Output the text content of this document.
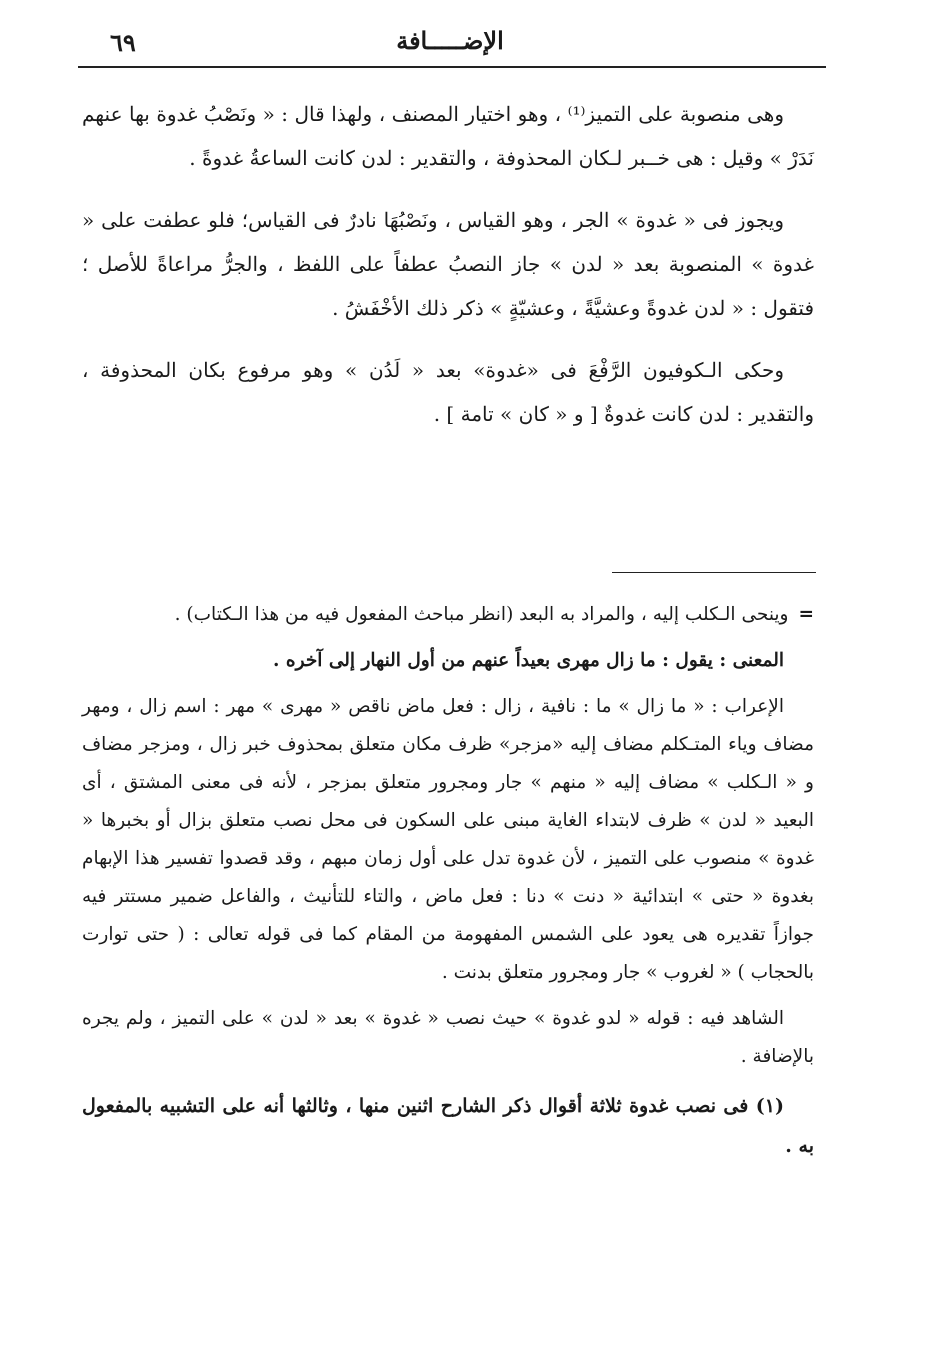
الإضـــــافة
٦٩

وهى منصوبة على التميز⁽¹⁾ ، وهو اختيار المصنف ، ولهذا قال : « ونَصْبُ غدوة بها عنهم نَدَرْ » وقيل : هى خــبر لـكان المحذوفة ، والتقدير : لدن كانت الساعةُ غدوةً .

ويجوز فى « غدوة » الجر ، وهو القياس ، ونَصْبُهَا نادرٌ فى القياس؛ فلو عطفت على « غدوة » المنصوبة بعد « لدن » جاز النصبُ عطفاً على اللفظ ، والجرُّ مراعاةً للأصل ؛ فتقول : « لدن غدوةً وعشيَّةً ، وعشيّةٍ » ذكر ذلك الأخْفَشُ .

وحكى الـكوفيون الرَّفْعَ فى «غدوة» بعد « لَدُن » وهو مرفوع بكان المحذوفة ، والتقدير : لدن كانت غدوةٌ [ و « كان » تامة ] .

=وينحى الـكلب إليه ، والمراد به البعد (انظر مباحث المفعول فيه من هذا الـكتاب) .

المعنى : يقول : ما زال مهرى بعيداً عنهم من أول النهار إلى آخره .

الإعراب : « ما زال » ما : نافية ، زال : فعل ماض ناقص « مهرى » مهر : اسم زال ، ومهر مضاف وياء المتـكلم مضاف إليه «مزجر» ظرف مكان متعلق بمحذوف خبر زال ، ومزجر مضاف و « الـكلب » مضاف إليه « منهم » جار ومجرور متعلق بمزجر ، لأنه فى معنى المشتق ، أى البعيد « لدن » ظرف لابتداء الغاية مبنى على السكون فى محل نصب متعلق بزال أو بخبرها « غدوة » منصوب على التميز ، لأن غدوة تدل على أول زمان مبهم ، وقد قصدوا تفسير هذا الإبهام بغدوة « حتى » ابتدائية « دنت » دنا : فعل ماض ، والتاء للتأنيث ، والفاعل ضمير مستتر فيه جوازاً تقديره هى يعود على الشمس المفهومة من المقام كما فى قوله تعالى : ( حتى توارت بالحجاب ) « لغروب » جار ومجرور متعلق بدنت .

الشاهد فيه : قوله « لدو غدوة » حيث نصب « غدوة » بعد « لدن » على التميز ، ولم يجره بالإضافة .

(١) فى نصب غدوة ثلاثة أقوال ذكر الشارح اثنين منها ، وثالثها أنه على التشبيه بالمفعول به .
